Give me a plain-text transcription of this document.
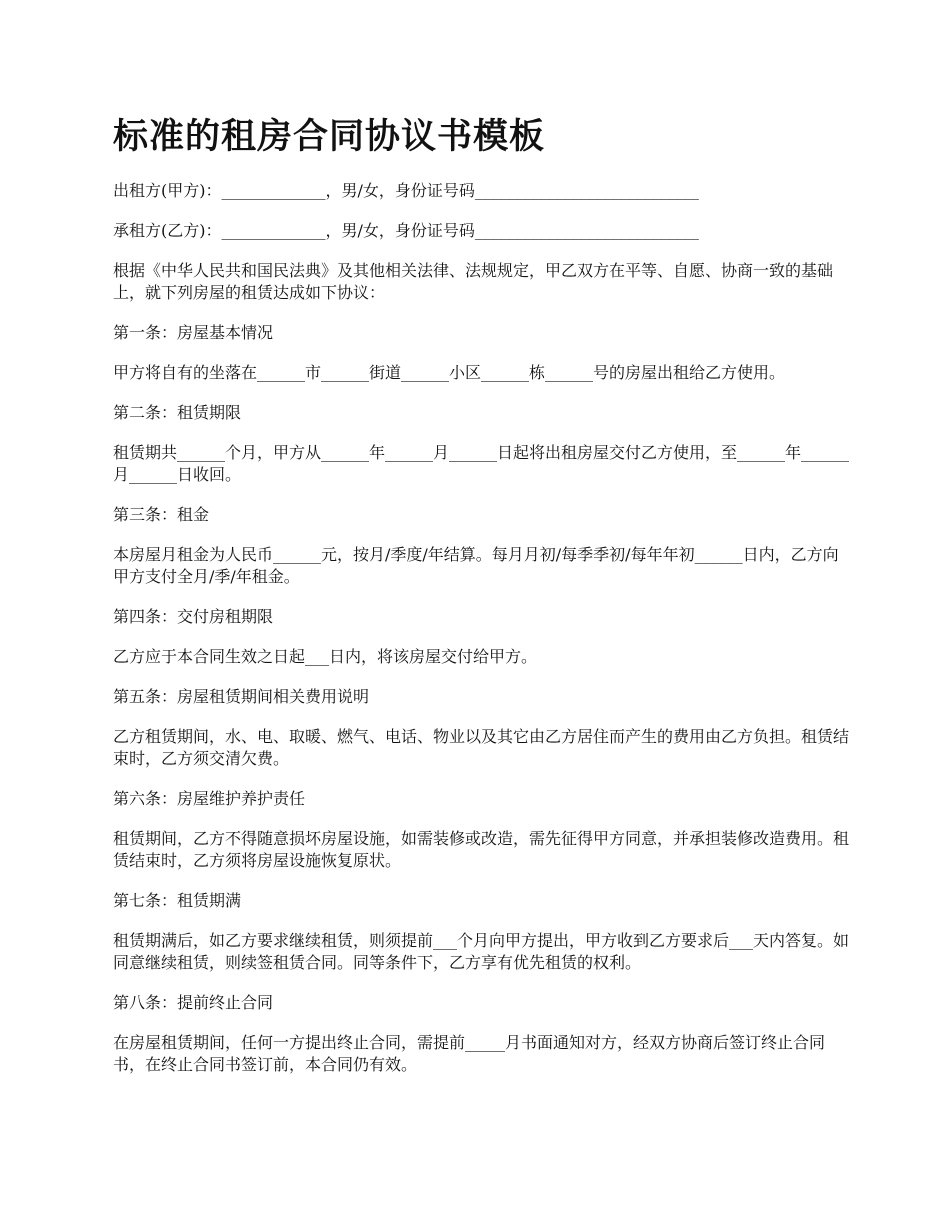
标准的租房合同协议书模板

出租方(甲方)：_____________，男/女，身份证号码____________________________

承租方(乙方)：_____________，男/女，身份证号码____________________________

根据《中华人民共和国民法典》及其他相关法律、法规规定，甲乙双方在平等、自愿、协商一致的基础上，就下列房屋的租赁达成如下协议：

第一条：房屋基本情况

甲方将自有的坐落在______市______街道______小区______栋______号的房屋出租给乙方使用。

第二条：租赁期限

租赁期共______个月，甲方从______年______月______日起将出租房屋交付乙方使用，至______年______月______日收回。

第三条：租金

本房屋月租金为人民币______元，按月/季度/年结算。每月月初/每季季初/每年年初______日内，乙方向甲方支付全月/季/年租金。

第四条：交付房租期限

乙方应于本合同生效之日起___日内，将该房屋交付给甲方。

第五条：房屋租赁期间相关费用说明

乙方租赁期间，水、电、取暖、燃气、电话、物业以及其它由乙方居住而产生的费用由乙方负担。租赁结束时，乙方须交清欠费。

第六条：房屋维护养护责任

租赁期间，乙方不得随意损坏房屋设施，如需装修或改造，需先征得甲方同意，并承担装修改造费用。租赁结束时，乙方须将房屋设施恢复原状。

第七条：租赁期满

租赁期满后，如乙方要求继续租赁，则须提前___个月向甲方提出，甲方收到乙方要求后___天内答复。如同意继续租赁，则续签租赁合同。同等条件下，乙方享有优先租赁的权利。

第八条：提前终止合同

在房屋租赁期间，任何一方提出终止合同，需提前_____月书面通知对方，经双方协商后签订终止合同书，在终止合同书签订前，本合同仍有效。
